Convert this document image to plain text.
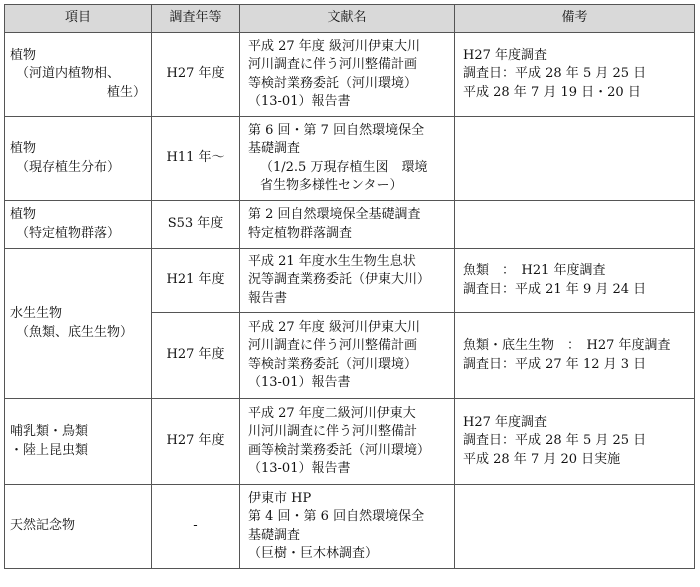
項目	調査年等	文献名	備考

植物
（河道内植物相、
植生）	H27 年度	平成 27 年度 級河川伊東大川
河川調査に伴う河川整備計画
等検討業務委託（河川環境）
（13-01）報告書	H27 年度調査
調査日：平成 28 年 5 月 25 日
平成 28 年 7 月 19 日・20 日

植物
（現存植生分布）	H11 年～	第 6 回・第 7 回自然環境保全
基礎調査
（1/2.5 万現存植生図　環境
省生物多様性センター）	

植物
（特定植物群落）	S53 年度	第 2 回自然環境保全基礎調査
特定植物群落調査	

水生生物
（魚類、底生生物）	H21 年度	平成 21 年度水生生物生息状
況等調査業務委託（伊東大川）
報告書	魚類　：　H21 年度調査
調査日：平成 21 年 9 月 24 日

	H27 年度	平成 27 年度 級河川伊東大川
河川調査に伴う河川整備計画
等検討業務委託（河川環境）
（13-01）報告書	魚類・底生生物　：　H27 年度調査
調査日：平成 27 年 12 月 3 日

哺乳類・鳥類
・陸上昆虫類	H27 年度	平成 27 年度二級河川伊東大
川河川調査に伴う河川整備計
画等検討業務委託（河川環境）
（13-01）報告書	H27 年度調査
調査日：平成 28 年 5 月 25 日
平成 28 年 7 月 20 日実施

天然記念物	-	伊東市 HP
第 4 回・第 6 回自然環境保全
基礎調査
（巨樹・巨木林調査）	
